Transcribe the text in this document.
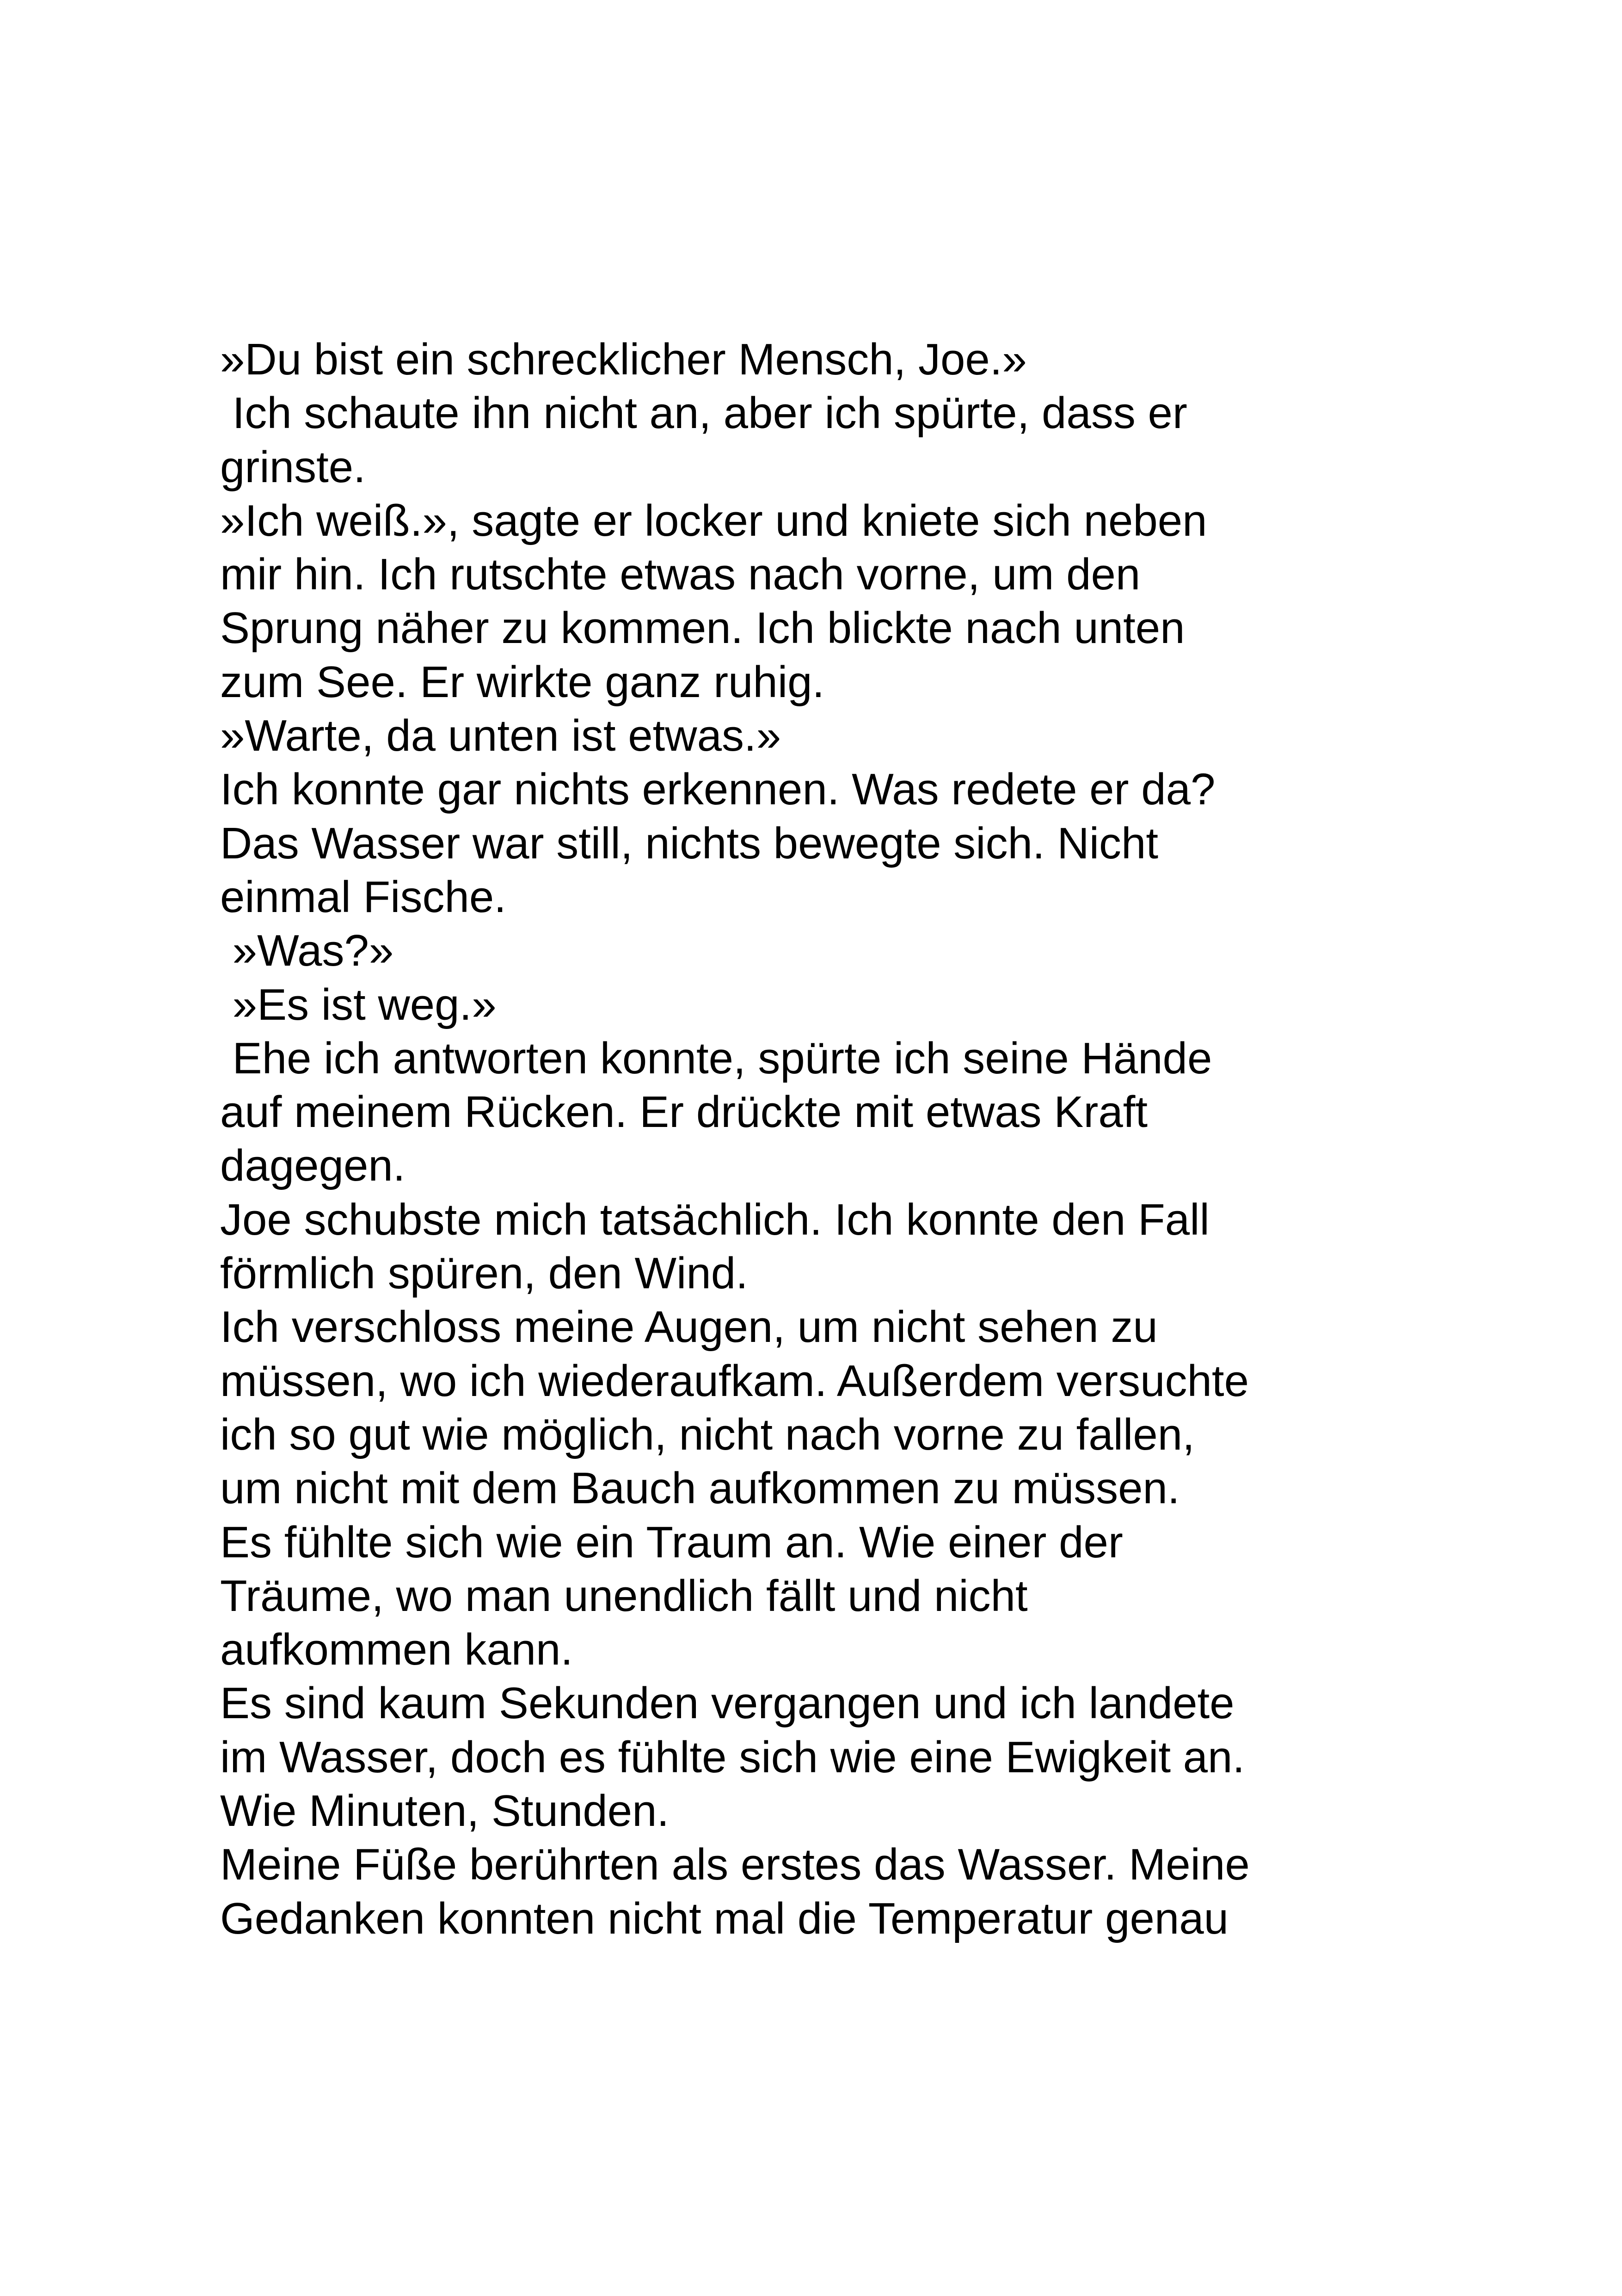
»Du bist ein schrecklicher Mensch, Joe.»
Ich schaute ihn nicht an, aber ich spürte, dass er
grinste.
»Ich weiß.», sagte er locker und kniete sich neben
mir hin. Ich rutschte etwas nach vorne, um den
Sprung näher zu kommen. Ich blickte nach unten
zum See. Er wirkte ganz ruhig.
»Warte, da unten ist etwas.»
Ich konnte gar nichts erkennen. Was redete er da?
Das Wasser war still, nichts bewegte sich. Nicht
einmal Fische.
»Was?»
»Es ist weg.»
Ehe ich antworten konnte, spürte ich seine Hände
auf meinem Rücken. Er drückte mit etwas Kraft
dagegen.
Joe schubste mich tatsächlich. Ich konnte den Fall
förmlich spüren, den Wind.
Ich verschloss meine Augen, um nicht sehen zu
müssen, wo ich wiederaufkam. Außerdem versuchte
ich so gut wie möglich, nicht nach vorne zu fallen,
um nicht mit dem Bauch aufkommen zu müssen.
Es fühlte sich wie ein Traum an. Wie einer der
Träume, wo man unendlich fällt und nicht
aufkommen kann.
Es sind kaum Sekunden vergangen und ich landete
im Wasser, doch es fühlte sich wie eine Ewigkeit an.
Wie Minuten, Stunden.
Meine Füße berührten als erstes das Wasser. Meine
Gedanken konnten nicht mal die Temperatur genau
